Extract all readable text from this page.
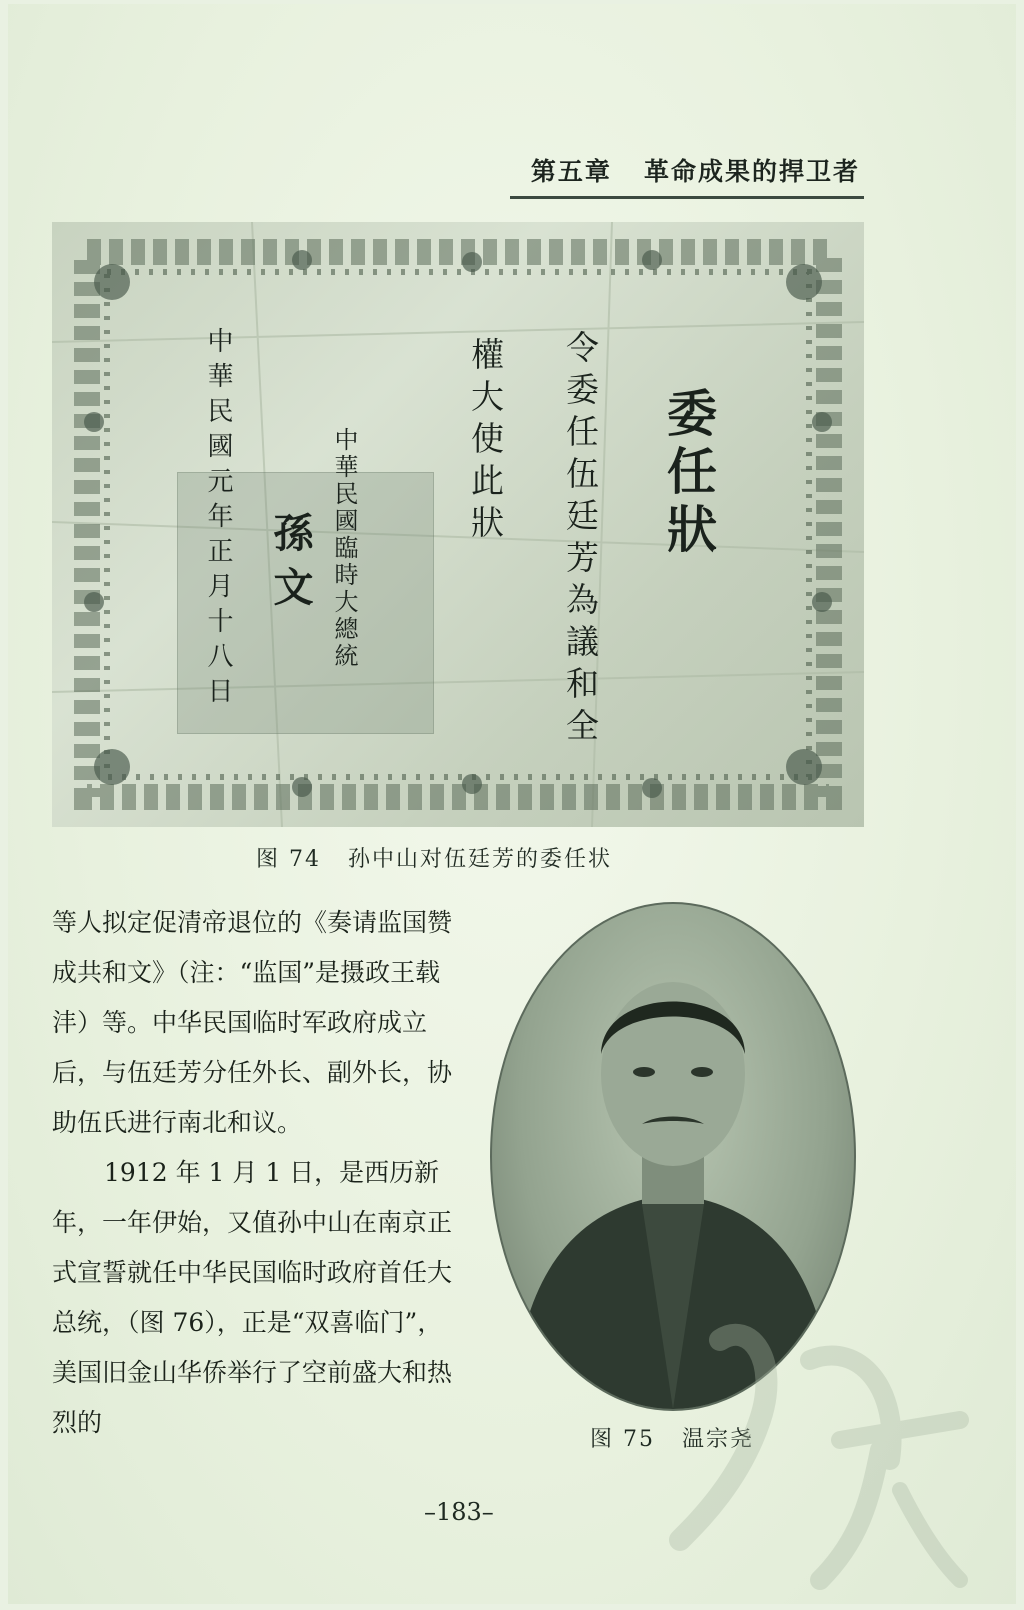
第五章 革命成果的捍卫者
委任狀
令委任伍廷芳為議和全
權大使此狀
中華民國臨時大總統
孫文
中華民國元年正月十八日
图 74 孙中山对伍廷芳的委任状

等人拟定促清帝退位的《奏请监国赞成共和文》（注：“监国”是摄政王载沣）等。中华民国临时军政府成立后，与伍廷芳分任外长、副外长，协助伍氏进行南北和议。

1912 年 1 月 1 日，是西历新年，一年伊始，又值孙中山在南京正式宣誓就任中华民国临时政府首任大总统，（图 76），正是“双喜临门”，美国旧金山华侨举行了空前盛大和热烈的

图 75 温宗尧
–183–
